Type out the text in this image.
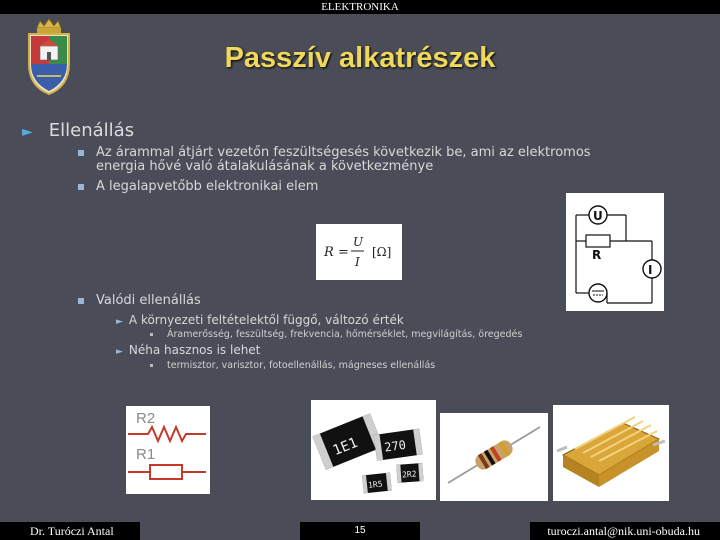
ELEKTRONIKA
Passzív alkatrészek
► Ellenállás
Az árammal átjárt vezetőn feszültségesés következik be, ami az elektromos
energia hővé való átalakulásának a következménye
A legalapvetőbb elektronikai elem
R =
U
I
[Ω]
U
R
I
Valódi ellenállás
► A környezeti feltételektől függő, változó érték
Áramerősség, feszültség, frekvencia, hőmérséklet, megvilágítás, öregedés
► Néha hasznos is lehet
termisztor, varisztor, fotoellenállás, mágneses ellenállás
R2
R1	1E1 270
1R5
2R2
Dr. Turóczi Antal	15	turoczi.antal@nik.uni-obuda.hu
